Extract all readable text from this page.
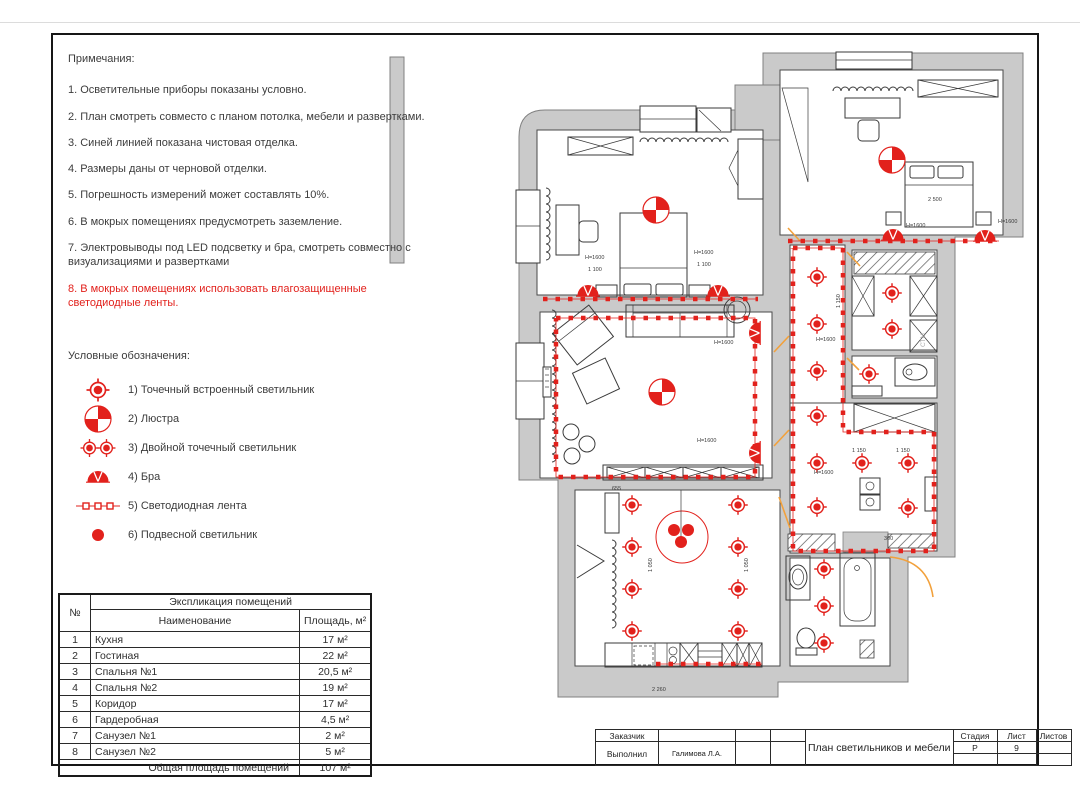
H=1600
1 100
H=1600
1 100
2 500
H=1600
H=1600
H=1600
H=1600
H=1600
H=1600
1 150	1 150
655
2 260
300
1 050	1 050
1 150
СТМ
Примечания:
1. Осветительные приборы показаны условно.
2. План смотреть совместо с планом потолка, мебели и развертками.
3. Синей линией показана чистовая отделка.
4. Размеры даны от черновой отделки.
5. Погрешность измерений может составлять 10%.
6. В мокрых помещениях предусмотреть заземление.
7. Электровыводы под LED подсветку и бра, смотреть совместно с визуализациями и развертками
8. В мокрых помещениях использовать влагозащищенные светодиодные ленты.
Условные обозначения:
1) Точечный встроенный светильник
2) Люстра
3) Двойной точечный светильник
4) Бра
5) Светодиодная лента
6) Подвесной светильник
№	Экспликация помещений	
	Наименование	Площадь, м²
1	Кухня	17 м²
2	Гостиная	22 м²
3	Спальня №1	20,5 м²
4	Спальня №2	19 м²
5	Коридор	17 м²
6	Гардеробная	4,5 м²
7	Санузел №1	2 м²
8	Санузел №2	5 м²
Общая площадь помещений		107 м²
Заказчик				План светильников и мебели	Стадия	Лист	Листов
Выполнил	Галимова Л.А.				Р	9	
